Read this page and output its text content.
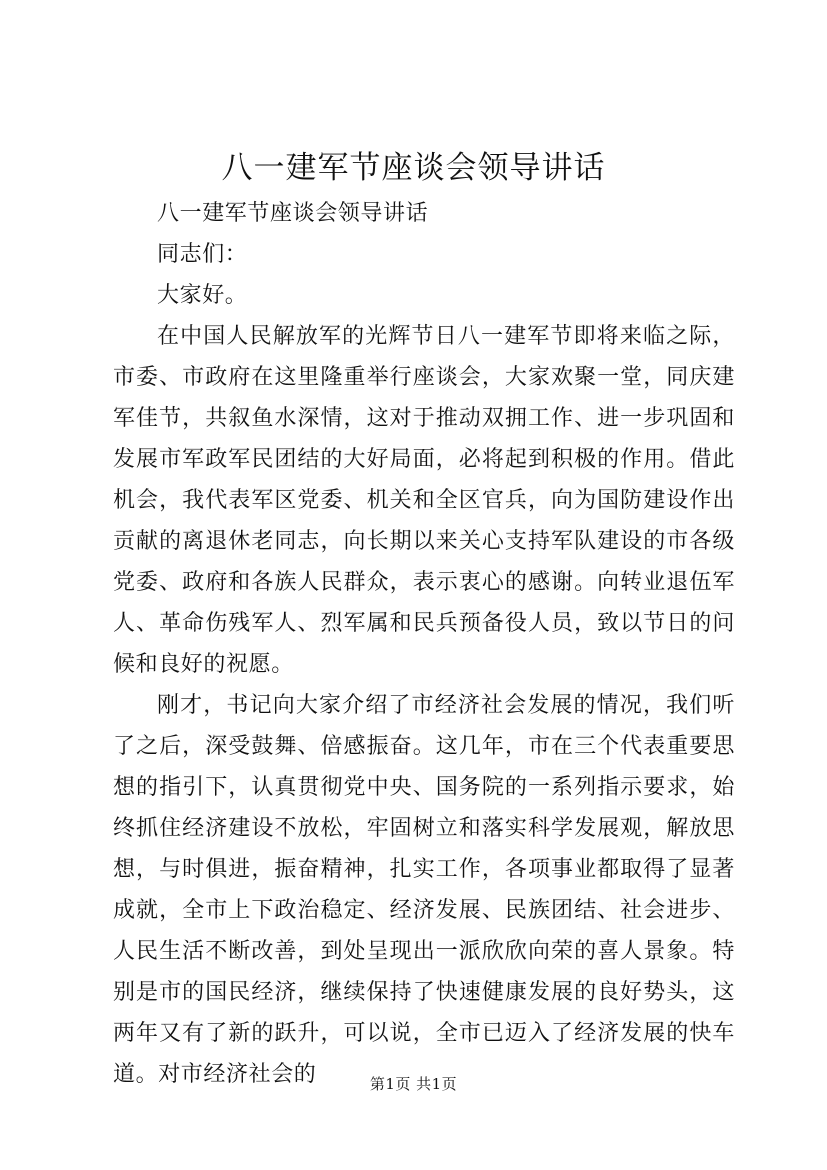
八一建军节座谈会领导讲话

八一建军节座谈会领导讲话

同志们：

大家好。

在中国人民解放军的光辉节日八一建军节即将来临之际，市委、市政府在这里隆重举行座谈会，大家欢聚一堂，同庆建军佳节，共叙鱼水深情，这对于推动双拥工作、进一步巩固和发展市军政军民团结的大好局面，必将起到积极的作用。借此机会，我代表军区党委、机关和全区官兵，向为国防建设作出贡献的离退休老同志，向长期以来关心支持军队建设的市各级党委、政府和各族人民群众，表示衷心的感谢。向转业退伍军人、革命伤残军人、烈军属和民兵预备役人员，致以节日的问候和良好的祝愿。

刚才，书记向大家介绍了市经济社会发展的情况，我们听了之后，深受鼓舞、倍感振奋。这几年，市在三个代表重要思想的指引下，认真贯彻党中央、国务院的一系列指示要求，始终抓住经济建设不放松，牢固树立和落实科学发展观，解放思想，与时俱进，振奋精神，扎实工作，各项事业都取得了显著成就，全市上下政治稳定、经济发展、民族团结、社会进步、人民生活不断改善，到处呈现出一派欣欣向荣的喜人景象。特别是市的国民经济，继续保持了快速健康发展的良好势头，这两年又有了新的跃升，可以说，全市已迈入了经济发展的快车道。对市经济社会的	第1页 共1页
